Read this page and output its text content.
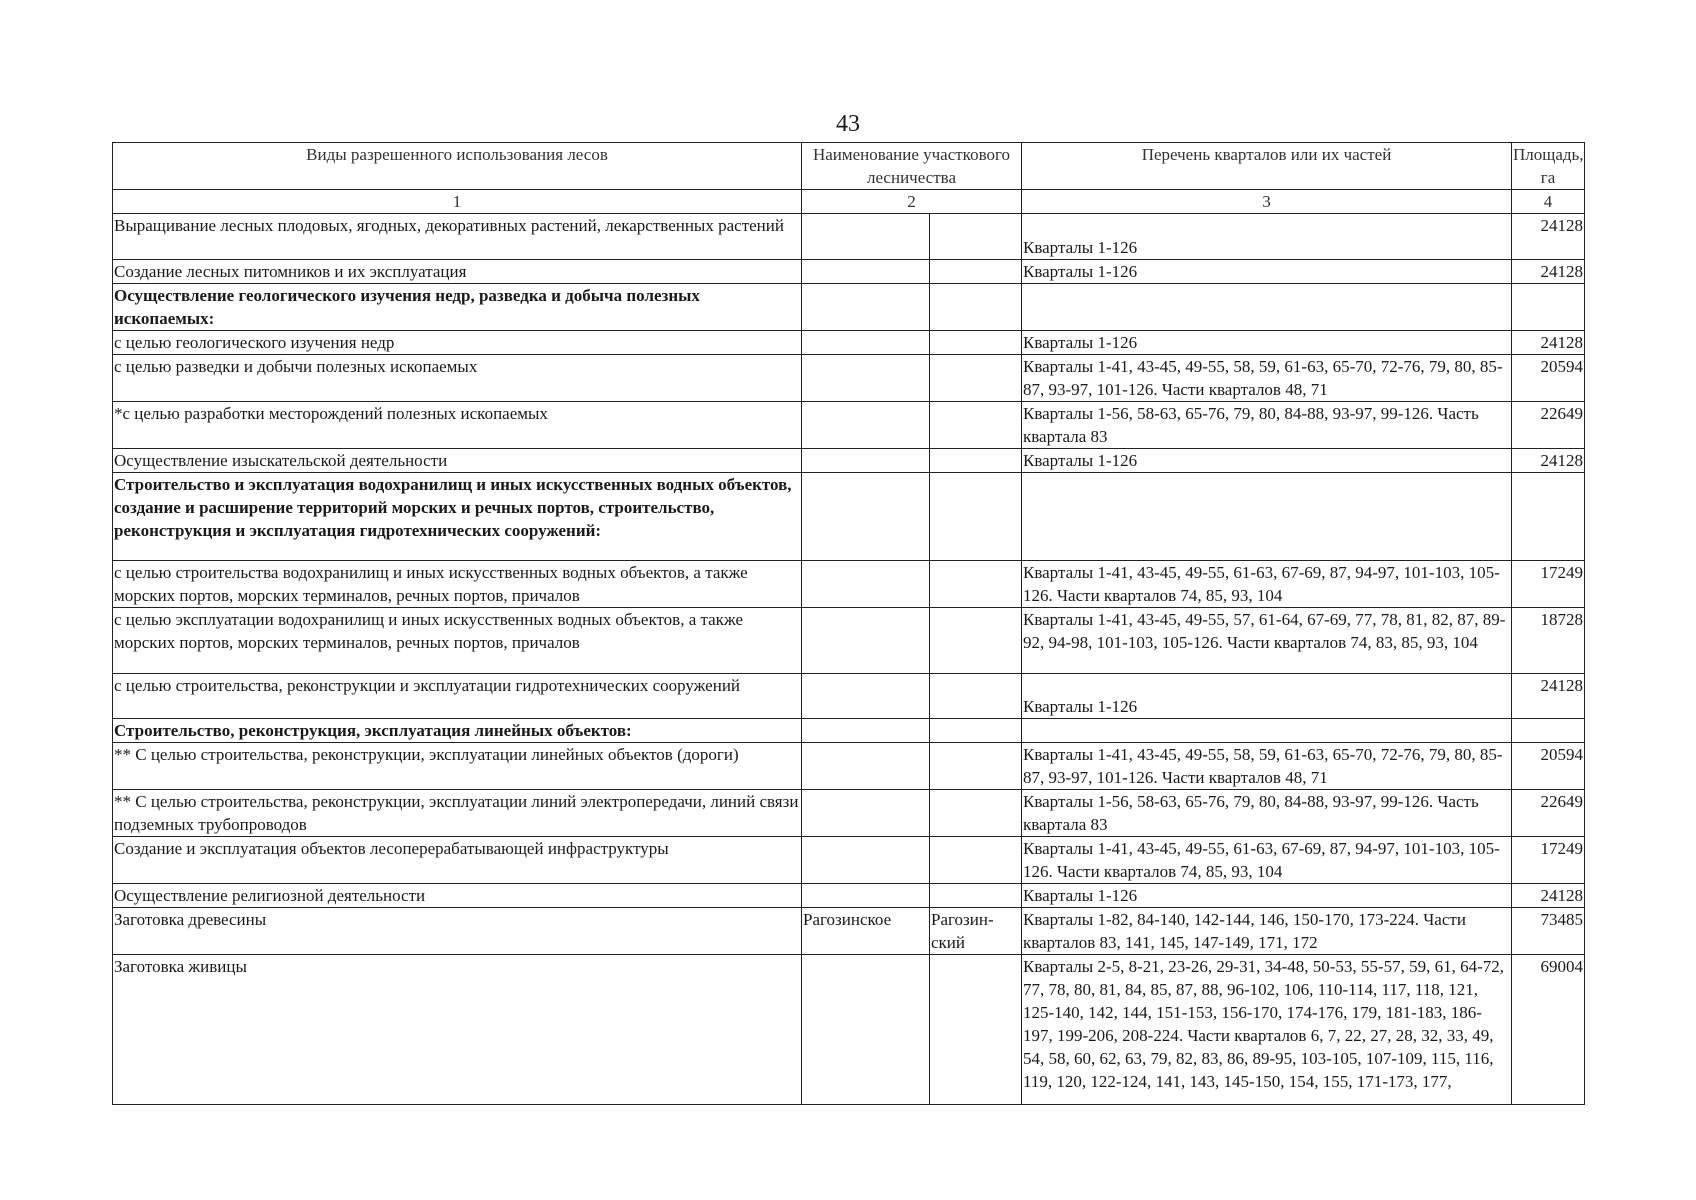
43
Виды разрешенного использования лесов	Наименование участкового лесничества		Перечень кварталов или их частей	Площадь, га
1	2		3	4
Выращивание лесных плодовых, ягодных, декоративных растений, лекарственных растений			Кварталы 1-126	24128
Создание лесных питомников и их эксплуатация			Кварталы 1-126	24128
Осуществление геологического изучения недр, разведка и добыча полезных ископаемых:				
с целью геологического изучения недр			Кварталы 1-126	24128
с целью разведки и добычи полезных ископаемых			Кварталы 1-41, 43-45, 49-55, 58, 59, 61-63, 65-70, 72-76, 79, 80, 85-87, 93-97, 101-126. Части кварталов 48, 71	20594
*с целью разработки месторождений полезных ископаемых			Кварталы 1-56, 58-63, 65-76, 79, 80, 84-88, 93-97, 99-126. Часть квартала 83	22649
Осуществление изыскательской деятельности			Кварталы 1-126	24128
Строительство и эксплуатация водохранилищ и иных искусственных водных объектов, создание и расширение территорий морских и речных портов, строительство, реконструкция и эксплуатация гидротехнических сооружений:				
с целью строительства водохранилищ и иных искусственных водных объектов, а также морских портов, морских терминалов, речных портов, причалов			Кварталы 1-41, 43-45, 49-55, 61-63, 67-69, 87, 94-97, 101-103, 105-126. Части кварталов 74, 85, 93, 104	17249
с целью эксплуатации водохранилищ и иных искусственных водных объектов, а также морских портов, морских терминалов, речных портов, причалов			Кварталы 1-41, 43-45, 49-55, 57, 61-64, 67-69, 77, 78, 81, 82, 87, 89-92, 94-98, 101-103, 105-126. Части кварталов 74, 83, 85, 93, 104	18728
с целью строительства, реконструкции и эксплуатации гидротехнических сооружений			Кварталы 1-126	24128
Строительство, реконструкция, эксплуатация линейных объектов:				
** С целью строительства, реконструкции, эксплуатации линейных объектов (дороги)			Кварталы 1-41, 43-45, 49-55, 58, 59, 61-63, 65-70, 72-76, 79, 80, 85-87, 93-97, 101-126. Части кварталов 48, 71	20594
** С целью строительства, реконструкции, эксплуатации линий электропередачи, линий связи подземных трубопроводов			Кварталы 1-56, 58-63, 65-76, 79, 80, 84-88, 93-97, 99-126. Часть квартала 83	22649
Создание и эксплуатация объектов лесоперерабатывающей инфраструктуры			Кварталы 1-41, 43-45, 49-55, 61-63, 67-69, 87, 94-97, 101-103, 105-126. Части кварталов 74, 85, 93, 104	17249
Осуществление религиозной деятельности			Кварталы 1-126	24128
Заготовка древесины	Рагозинское	Рагозин-ский	Кварталы 1-82, 84-140, 142-144, 146, 150-170, 173-224. Части кварталов 83, 141, 145, 147-149, 171, 172	73485
Заготовка живицы			Кварталы 2-5, 8-21, 23-26, 29-31, 34-48, 50-53, 55-57, 59, 61, 64-72, 77, 78, 80, 81, 84, 85, 87, 88, 96-102, 106, 110-114, 117, 118, 121, 125-140, 142, 144, 151-153, 156-170, 174-176, 179, 181-183, 186-197, 199-206, 208-224. Части кварталов 6, 7, 22, 27, 28, 32, 33, 49, 54, 58, 60, 62, 63, 79, 82, 83, 86, 89-95, 103-105, 107-109, 115, 116, 119, 120, 122-124, 141, 143, 145-150, 154, 155, 171-173, 177,	69004
